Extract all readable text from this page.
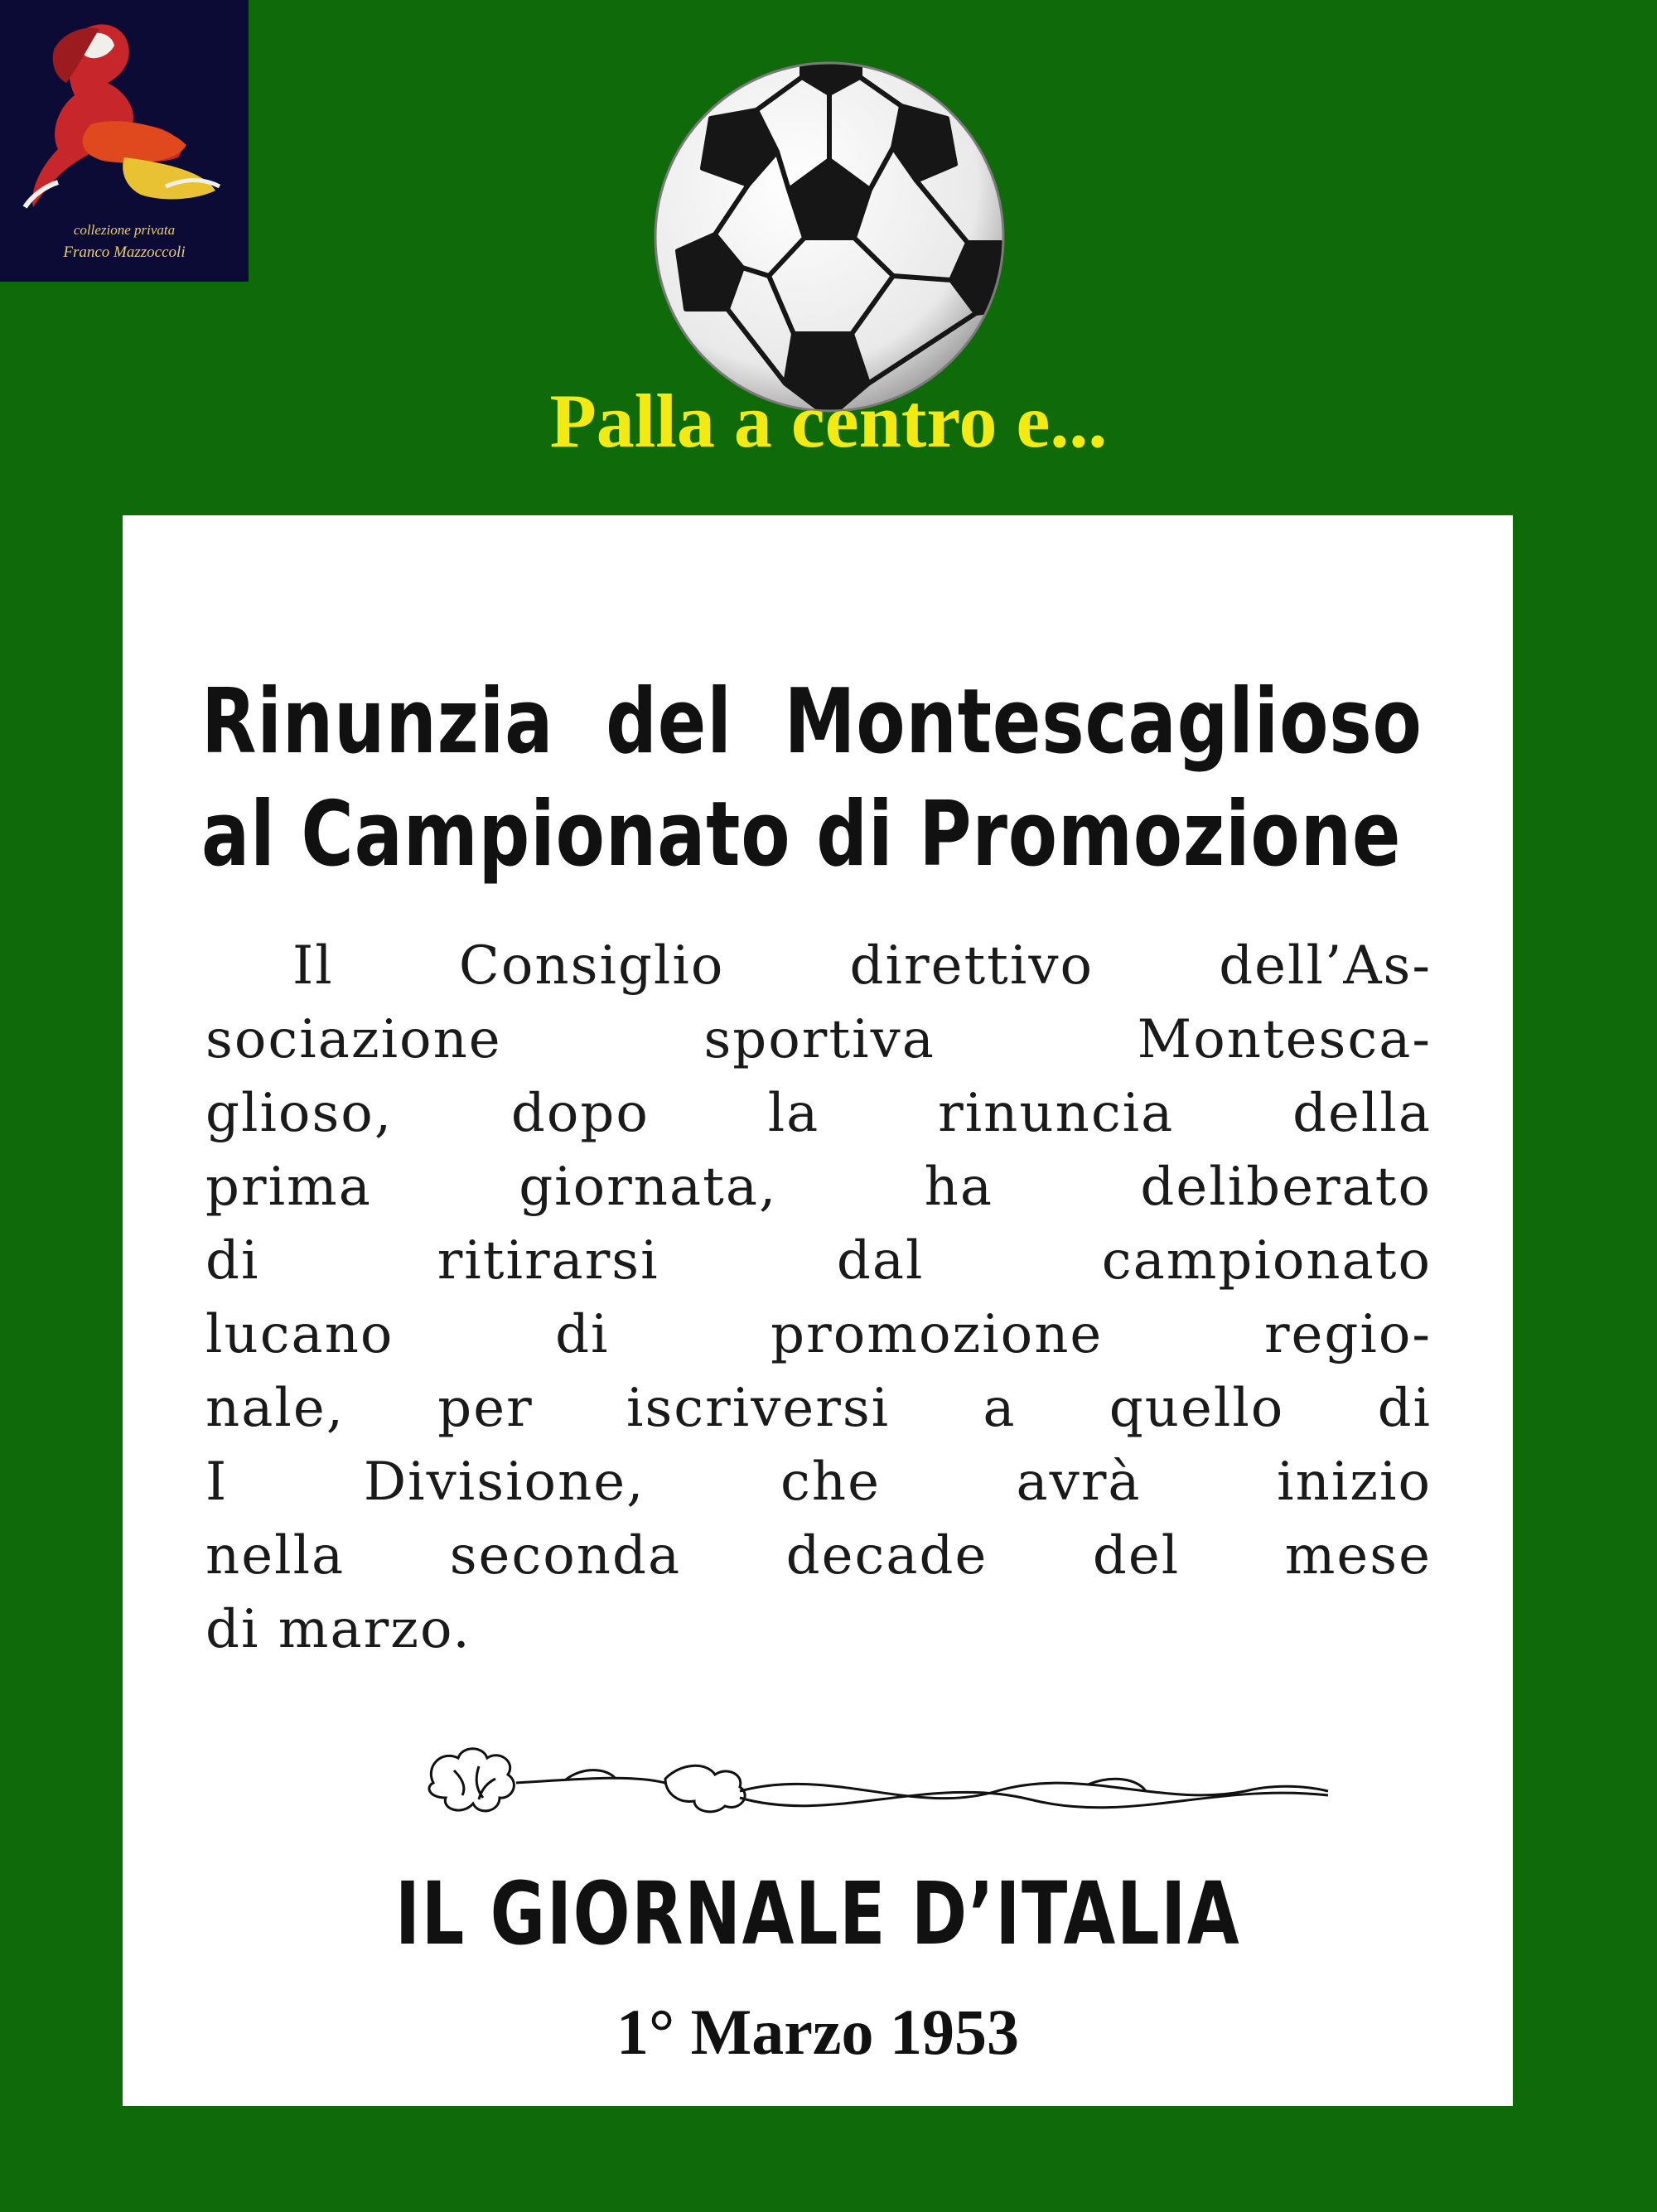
collezione privata
Franco Mazzoccoli
Palla a centro e...
Rinunzia del Montescaglioso
al Campionato di Promozione
Il Consiglio direttivo dell’As-
sociazione sportiva Montesca-
glioso, dopo la rinuncia della
prima giornata, ha deliberato
di ritirarsi dal campionato
lucano di promozione regio-
nale, per iscriversi a quello di
I Divisione, che avrà inizio
nella seconda decade del mese
di marzo.
IL GIORNALE D’ITALIA
1° Marzo 1953
